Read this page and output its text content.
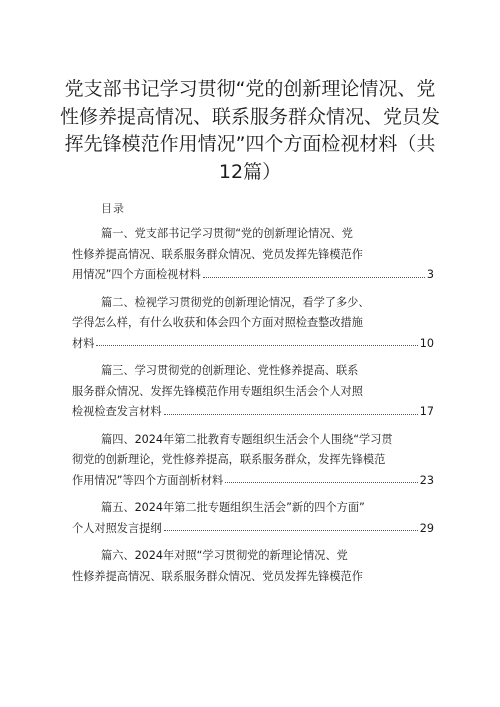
党支部书记学习贯彻“党的创新理论情况、党性修养提高情况、联系服务群众情况、党员发挥先锋模范作用情况”四个方面检视材料（共12篇）

目录

篇一、党支部书记学习贯彻“党的创新理论情况、党
性修养提高情况、联系服务群众情况、党员发挥先锋模范作
用情况”四个方面检视材料	3
篇二、检视学习贯彻党的创新理论情况，看学了多少、
学得怎么样，有什么收获和体会四个方面对照检查整改措施
材料	10
篇三、学习贯彻党的创新理论、党性修养提高、联系
服务群众情况、发挥先锋模范作用专题组织生活会个人对照
检视检查发言材料	17
篇四、2024年第二批教育专题组织生活会个人围绕“学习贯
彻党的创新理论，党性修养提高，联系服务群众，发挥先锋模范
作用情况”等四个方面剖析材料	23
篇五、2024年第二批专题组织生活会”新的四个方面”
个人对照发言提纲	29
篇六、2024年对照“学习贯彻党的新理论情况、党
性修养提高情况、联系服务群众情况、党员发挥先锋模范作
